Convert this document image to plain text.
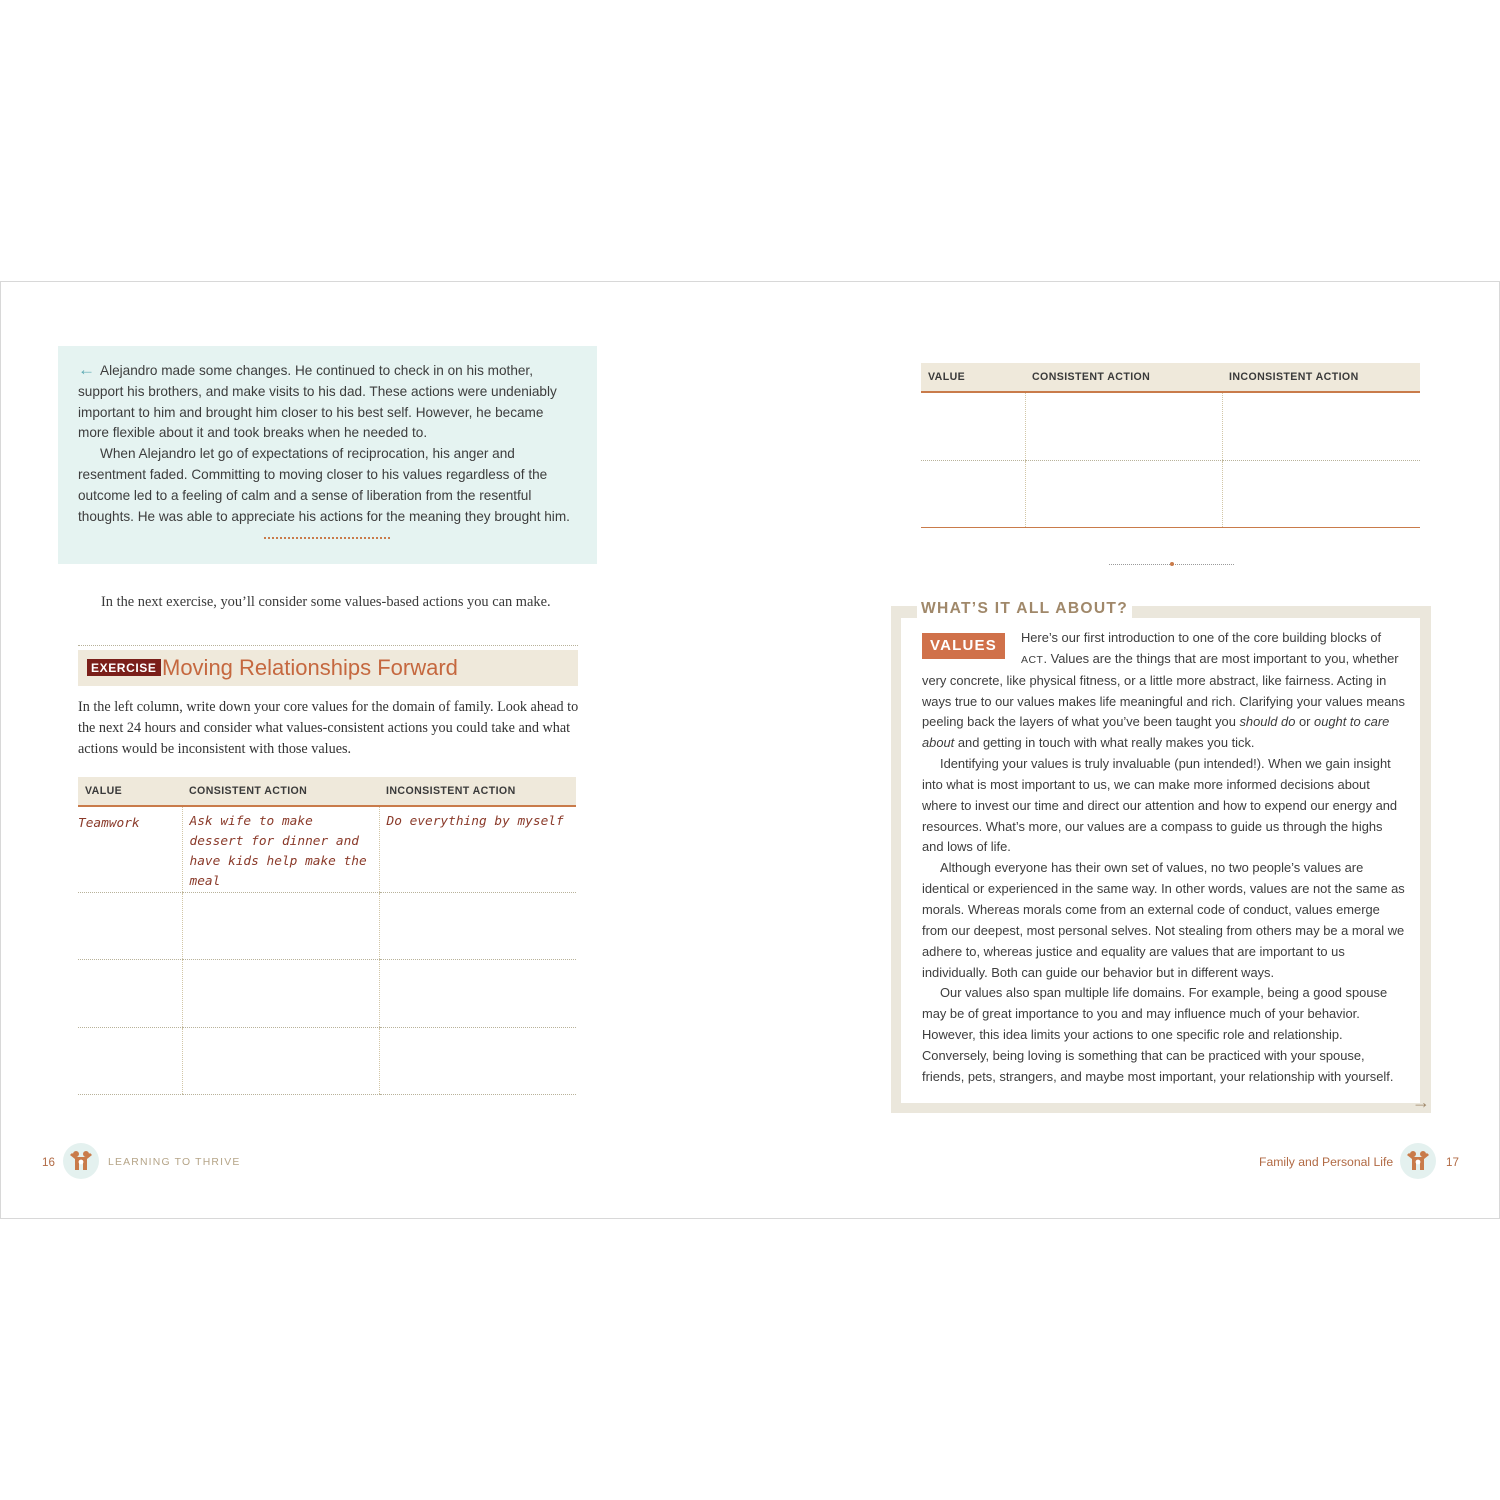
← Alejandro made some changes. He continued to check in on his mother, support his brothers, and make visits to his dad. These actions were undeniably important to him and brought him closer to his best self. However, he became more flexible about it and took breaks when he needed to.

When Alejandro let go of expectations of reciprocation, his anger and resentment faded. Committing to moving closer to his values regardless of the outcome led to a feeling of calm and a sense of liberation from the resentful thoughts. He was able to appreciate his actions for the meaning they brought him.

In the next exercise, you’ll consider some values-based actions you can make.
EXERCISE Moving Relationships Forward

In the left column, write down your core values for the domain of family. Look ahead to the next 24 hours and consider what values-consistent actions you could take and what actions would be inconsistent with those values.

VALUE	CONSISTENT ACTION	INCONSISTENT ACTION
Teamwork	Ask wife to make dessert for dinner and have kids help make the meal	Do everything by myself

16	LEARNING TO THRIVE
VALUE	CONSISTENT ACTION	INCONSISTENT ACTION

WHAT’S IT ALL ABOUT?

VALUES	Here’s our first introduction to one of the core building blocks of ACT. Values are the things that are most important to you, whether very concrete, like physical fitness, or a little more abstract, like fairness. Acting in ways true to our values makes life meaningful and rich. Clarifying your values means peeling back the layers of what you’ve been taught you should do or ought to care about and getting in touch with what really makes you tick.

Identifying your values is truly invaluable (pun intended!). When we gain insight into what is most important to us, we can make more informed decisions about where to invest our time and direct our attention and how to expend our energy and resources. What’s more, our values are a compass to guide us through the highs and lows of life.

Although everyone has their own set of values, no two people’s values are identical or experienced in the same way. In other words, values are not the same as morals. Whereas morals come from an external code of conduct, values emerge from our deepest, most personal selves. Not stealing from others may be a moral we adhere to, whereas justice and equality are values that are important to us individually. Both can guide our behavior but in different ways.

Our values also span multiple life domains. For example, being a good spouse may be of great importance to you and may influence much of your behavior. However, this idea limits your actions to one specific role and relationship. Conversely, being loving is something that can be practiced with your spouse, friends, pets, strangers, and maybe most important, your relationship with yourself.

→
Family and Personal Life	17
